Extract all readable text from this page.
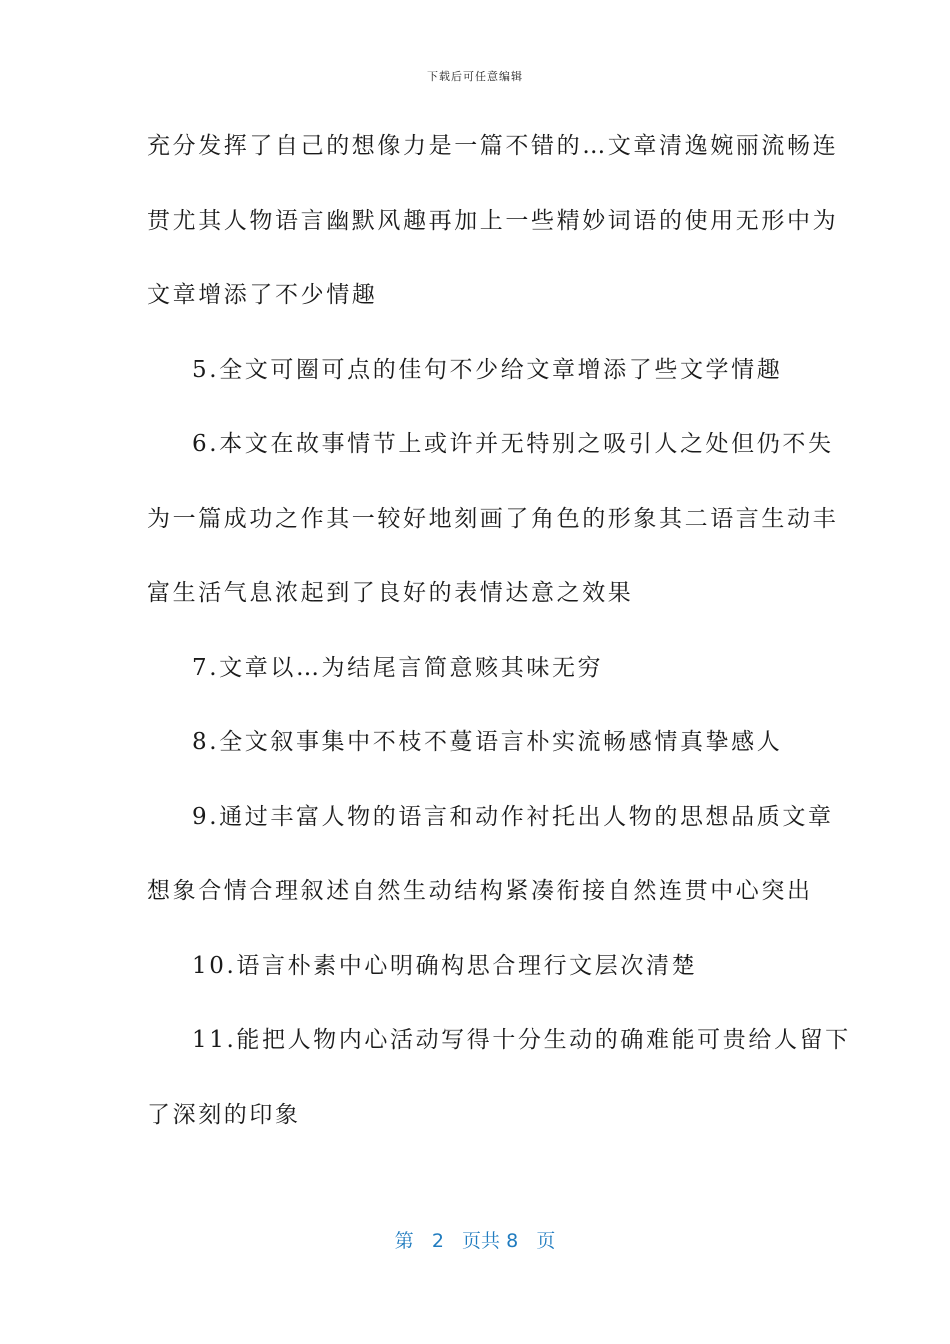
下载后可任意编辑
充分发挥了自己的想像力是一篇不错的…文章清逸婉丽流畅连
贯尤其人物语言幽默风趣再加上一些精妙词语的使用无形中为
文章增添了不少情趣
5.全文可圈可点的佳句不少给文章增添了些文学情趣
6.本文在故事情节上或许并无特别之吸引人之处但仍不失
为一篇成功之作其一较好地刻画了角色的形象其二语言生动丰
富生活气息浓起到了良好的表情达意之效果
7.文章以…为结尾言简意赅其味无穷
8.全文叙事集中不枝不蔓语言朴实流畅感情真挚感人
9.通过丰富人物的语言和动作衬托出人物的思想品质文章
想象合情合理叙述自然生动结构紧凑衔接自然连贯中心突出
10.语言朴素中心明确构思合理行文层次清楚
11.能把人物内心活动写得十分生动的确难能可贵给人留下
了深刻的印象
第 2 页共 8 页
